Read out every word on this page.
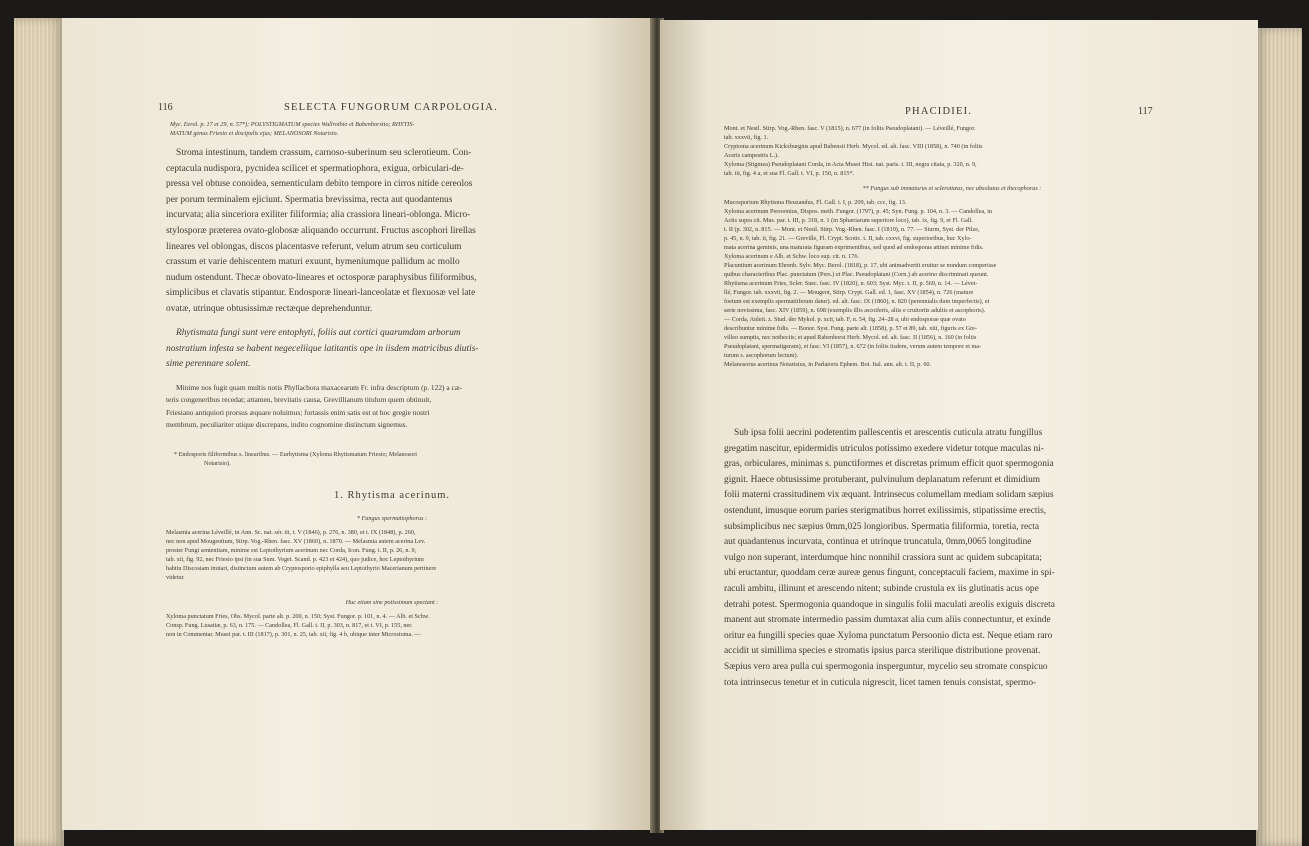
116	SELECTA FUNGORUM CARPOLOGIA.

Myc. Eerol. p. 17 et 29, n. 57*); POLYSTIGMATUM species Wallrothio et Babenhorstio; RHYTIS-

MATUM genus Friesio et discipulis ejus; MELANOSORI Notarisio.

Stroma intestinum, tandem crassum, carnoso-suberinum seu sclerotieum. Con-

ceptacula nudispora, pycnidea scilicet et spermatiophora, exigua, orbiculari-de-

pressa vel obtuse conoidea, sementiculam debito tempore in cirros nitide cereolos

per porum terminalem ejiciunt. Spermatia brevissima, recta aut quodantenus

incurvata; alia sinceriora exiliter filiformia; alia crassiora lineari-oblonga. Micro-

stylosporæ præterea ovato-globosæ aliquando occurrunt. Fructus ascophori lirellas

lineares vel oblongas, discos placentasve referunt, velum atrum seu corticulum

crassum et varie dehiscentem maturi exuunt, hymeniumque pallidum ac mollo

nudum ostendunt. Thecæ obovato-lineares et octosporæ paraphysibus filiformibus,

simplicibus et clavatis stipantur. Endosporæ lineari-lanceolatæ et flexuosæ vel late

ovatæ, utrinque obtusissimæ rectæque deprehenduntur.

Rhytismata fungi sunt vere entophyti, foliis aut cortici quarumdam arborum

nostratium infesta se habent negeceliique latitantis ope in iisdem matricibus diutis-

sime perennare solent.

Minime nos fugit quam multis notis Phyllachora maxacearum Fr. infra descriptum (p. 122) a cæ-

teris congeneribus recedat; attamen, brevitatis causa, Grevillianum titulum quem obtinuit,

Friesiano antiquiori prorsus æquare noluimus; fortassis enim satis est ut hoc gregie nostri

membrum, peculiariter utique discrepans, indito cognomine distinctum signemus.

* Endosporis filiformibus s. linearibus. — Eurhytisma (Xyloma Rhytismatum Friesio; Melanosori

Notarisio).

1. Rhytisma acerinum.

* Fungus spermatiophorus :

Melasmia acerina Léveillé, in Ann. Sc. nat. sér. iii, t. V (1846), p. 276, n. 380, et t. IX (1848), p. 260,

nec non apud Mougeotium, Stirp. Vog.-Rhen. fasc. XV (1860), n. 1870. — Melasmia autem acerina Lev.

proster Fungi sententiam, minime est Leptothyrium acerinum nec Corda, Icon. Fung. t. II, p. 26, n. 9,

tab. xii, fig. 92, nec Friesio ipsi (in sua Sum. Veget. Scand. p. 423 et 424), quo judice, hoc Leptothyrium

habitu Discosiam imitari, distinctum autem ab Cryptosporio epiphylla seu Leptothyrio Macerianum pertinere

videtur.

Huc etiam sine potissimum spectant :

Xyloma punctatum Fries, Obs. Mycol. parte alt. p. 200, n. 150; Syst. Fungor. p. 101, n. 4. — Alb. et Schw.

Consp. Fung. Lusatiæ, p. 63, n. 175. — Candollea, Fl. Gall. t. II, p. 303, n. 817, et t. VI, p. 155, nec

non in Commentar. Musei par. t. III (1817), p. 301, n. 25, tab. xii, fig. 4 b, ubique inter Microstoma. —

PHACIDIEI.	117

Mont. et Nestl. Stirp. Vog.-Rhen. fasc. V (1815), n. 677 (in foliis Pseudoplatani). — Léveillé, Fungor.

tab. xxxvii, fig. 1.

Cryptoma acerinum Kickxburgius apud Babensii Herb. Mycol. ed. alt. fasc. VIII (1858), n. 740 (in foliis

Aceris campestris L.).

Xyloma (Stigmea) Pseudoplatani Corda, in Acta Musei Hist. nat. paris. t. III, negra citata, p. 320, n. 9,

tab. iii, fig. 4 a, et sua Fl. Gall. t. VI, p. 150, n. 815*.

** Fungus sub immaturus et sclerotiæus, nec absolutus et thecophorus :

Mucosporium Rhytisma Heuzandus, Fl. Gall. t. I, p. 209, tab. ccc, fig. 13.

Xyloma acerinum Persoonius, Dispos. meth. Fungor. (1797), p. 45; Syn. Fung. p. 104, n. 3. — Candollea, in

Actis supra cit. Mus. par. t. III, p. 318, n. 1 (in Sphæriarum superiore loco), tab. ix, fig. 9, et Fl. Gall.

t. II (p. 302, n. 815. — Mont. et Nestl. Stirp. Vog.-Rhen. fasc. I (1810), n. 77. — Sturm, Syst. der Pilze,

p. 45, n. 9, tab. ii, fig. 21. — Greville, Fl. Crypt. Scotic. t. II, tab. cxxvi, fig. superioribus, huc Xylo-

mata acerina geminis, una maturata figuram exprimentibus, sed quod ad endosporas attinet minime fidis.

Xyloma acerinum e Alb. et Schw. loco sup. cit. n. 176.

Placuntium acerinum Ehrenb. Sylv. Myc. Berol. (1818), p. 17, ubi animadvertit eruitur se nondum comperisse

quibus characteribus Plac. punctatum (Pers.) et Plac. Pseudoplatani (Corn.) ab acerino discriminari queunt.

Rhytisma acerinum Fries, Scler. Suec. fasc. IV (1820), n. 603; Syst. Myc. t. II, p. 569, n. 14. — Lévei-

llé, Fungor. tab. xxxvii, fig. 2. — Mougeot, Stirp. Crypt. Gall. ed. 1, fasc. XV (1854), n. 726 (mature

foetum est exemplis spermatiiferum datur). ed. alt. fasc. IX (1860), n. 820 (perennialis dum imperfectis), et

serie novissima, fasc. XIV (1859), n. 698 (exemplis illis ascoiferis, aliis e cruitoriis adultis et ascophoris).

— Corda, Anleit. z. Stud. der Mykol. p. xcii, tab. F, n. 54, fig. 24–28 a, ubi endosporae quæ ovato

describuntur minime fidis. — Bonor. Syst. Fung. parte alt. (1858), p. 57 et 89, tab. xiii, figuris ex Gre-

villeo sumptis, nec notheciis; et apud Rabenhorst Herb. Mycol. ed. alt. fasc. II (1856), n. 160 (in foliis

Pseudoplatani, spermatigeram), et fasc. VI (1857), n. 672 (in foliis iisdem, verum autem tempore et ma-

turum s. ascophorum lectum).

Melanosorus acerinus Notarisius, in Parlatoris Ephem. Bot. Ital. ann. alt. t. II, p. 60.

Sub ipsa folii aecrini podetentim pallescentis et arescentis cuticula atratu fungillus

gregatim nascitur, epidermidis utriculos potissimo exedere videtur totque maculas ni-

gras, orbiculares, minimas s. punctiformes et discretas primum efficit quot spermogonia

gignit. Haece obtusissime protuberant, pulvinulum deplanatum referunt et dimidium

folii materni crassitudinem vix æquant. Intrinsecus columellam mediam solidam sæpius

ostendunt, imusque eorum paries sterigmatibus horret exilissimis, stipatissime erectis,

subsimplicibus nec sæpius 0mm,025 longioribus. Spermatia filiformia, toretia, recta

aut quadantenus incurvata, continua et utrinque truncatula, 0mm,0065 longitudine

vulgo non superant, interdumque hinc nonnihil crassiora sunt ac quidem subcapitata;

ubi eructantur, quoddam ceræ aureæ genus fingunt, conceptaculi faciem, maxime in spi-

raculi ambitu, illinunt et arescendo nitent; subinde crustula ex iis glutinatis acus ope

detrahi potest. Spermogonia quandoque in singulis folii maculati areolis exiguis discreta

manent aut stromate intermedio passim dumtaxat alia cum aliis connectuntur, et exinde

oritur ea fungilli species quae Xyloma punctatum Persoonio dicta est. Neque etiam raro

accidit ut simillima species e stromatis ipsius parca sterilique distributione provenat.

Sæpius vero area pulla cui spermogonia insperguntur, mycelio seu stromate conspicuo

tota intrinsecus tenetur et in cuticula nigrescit, licet tamen tenuis consistat, spermo-
